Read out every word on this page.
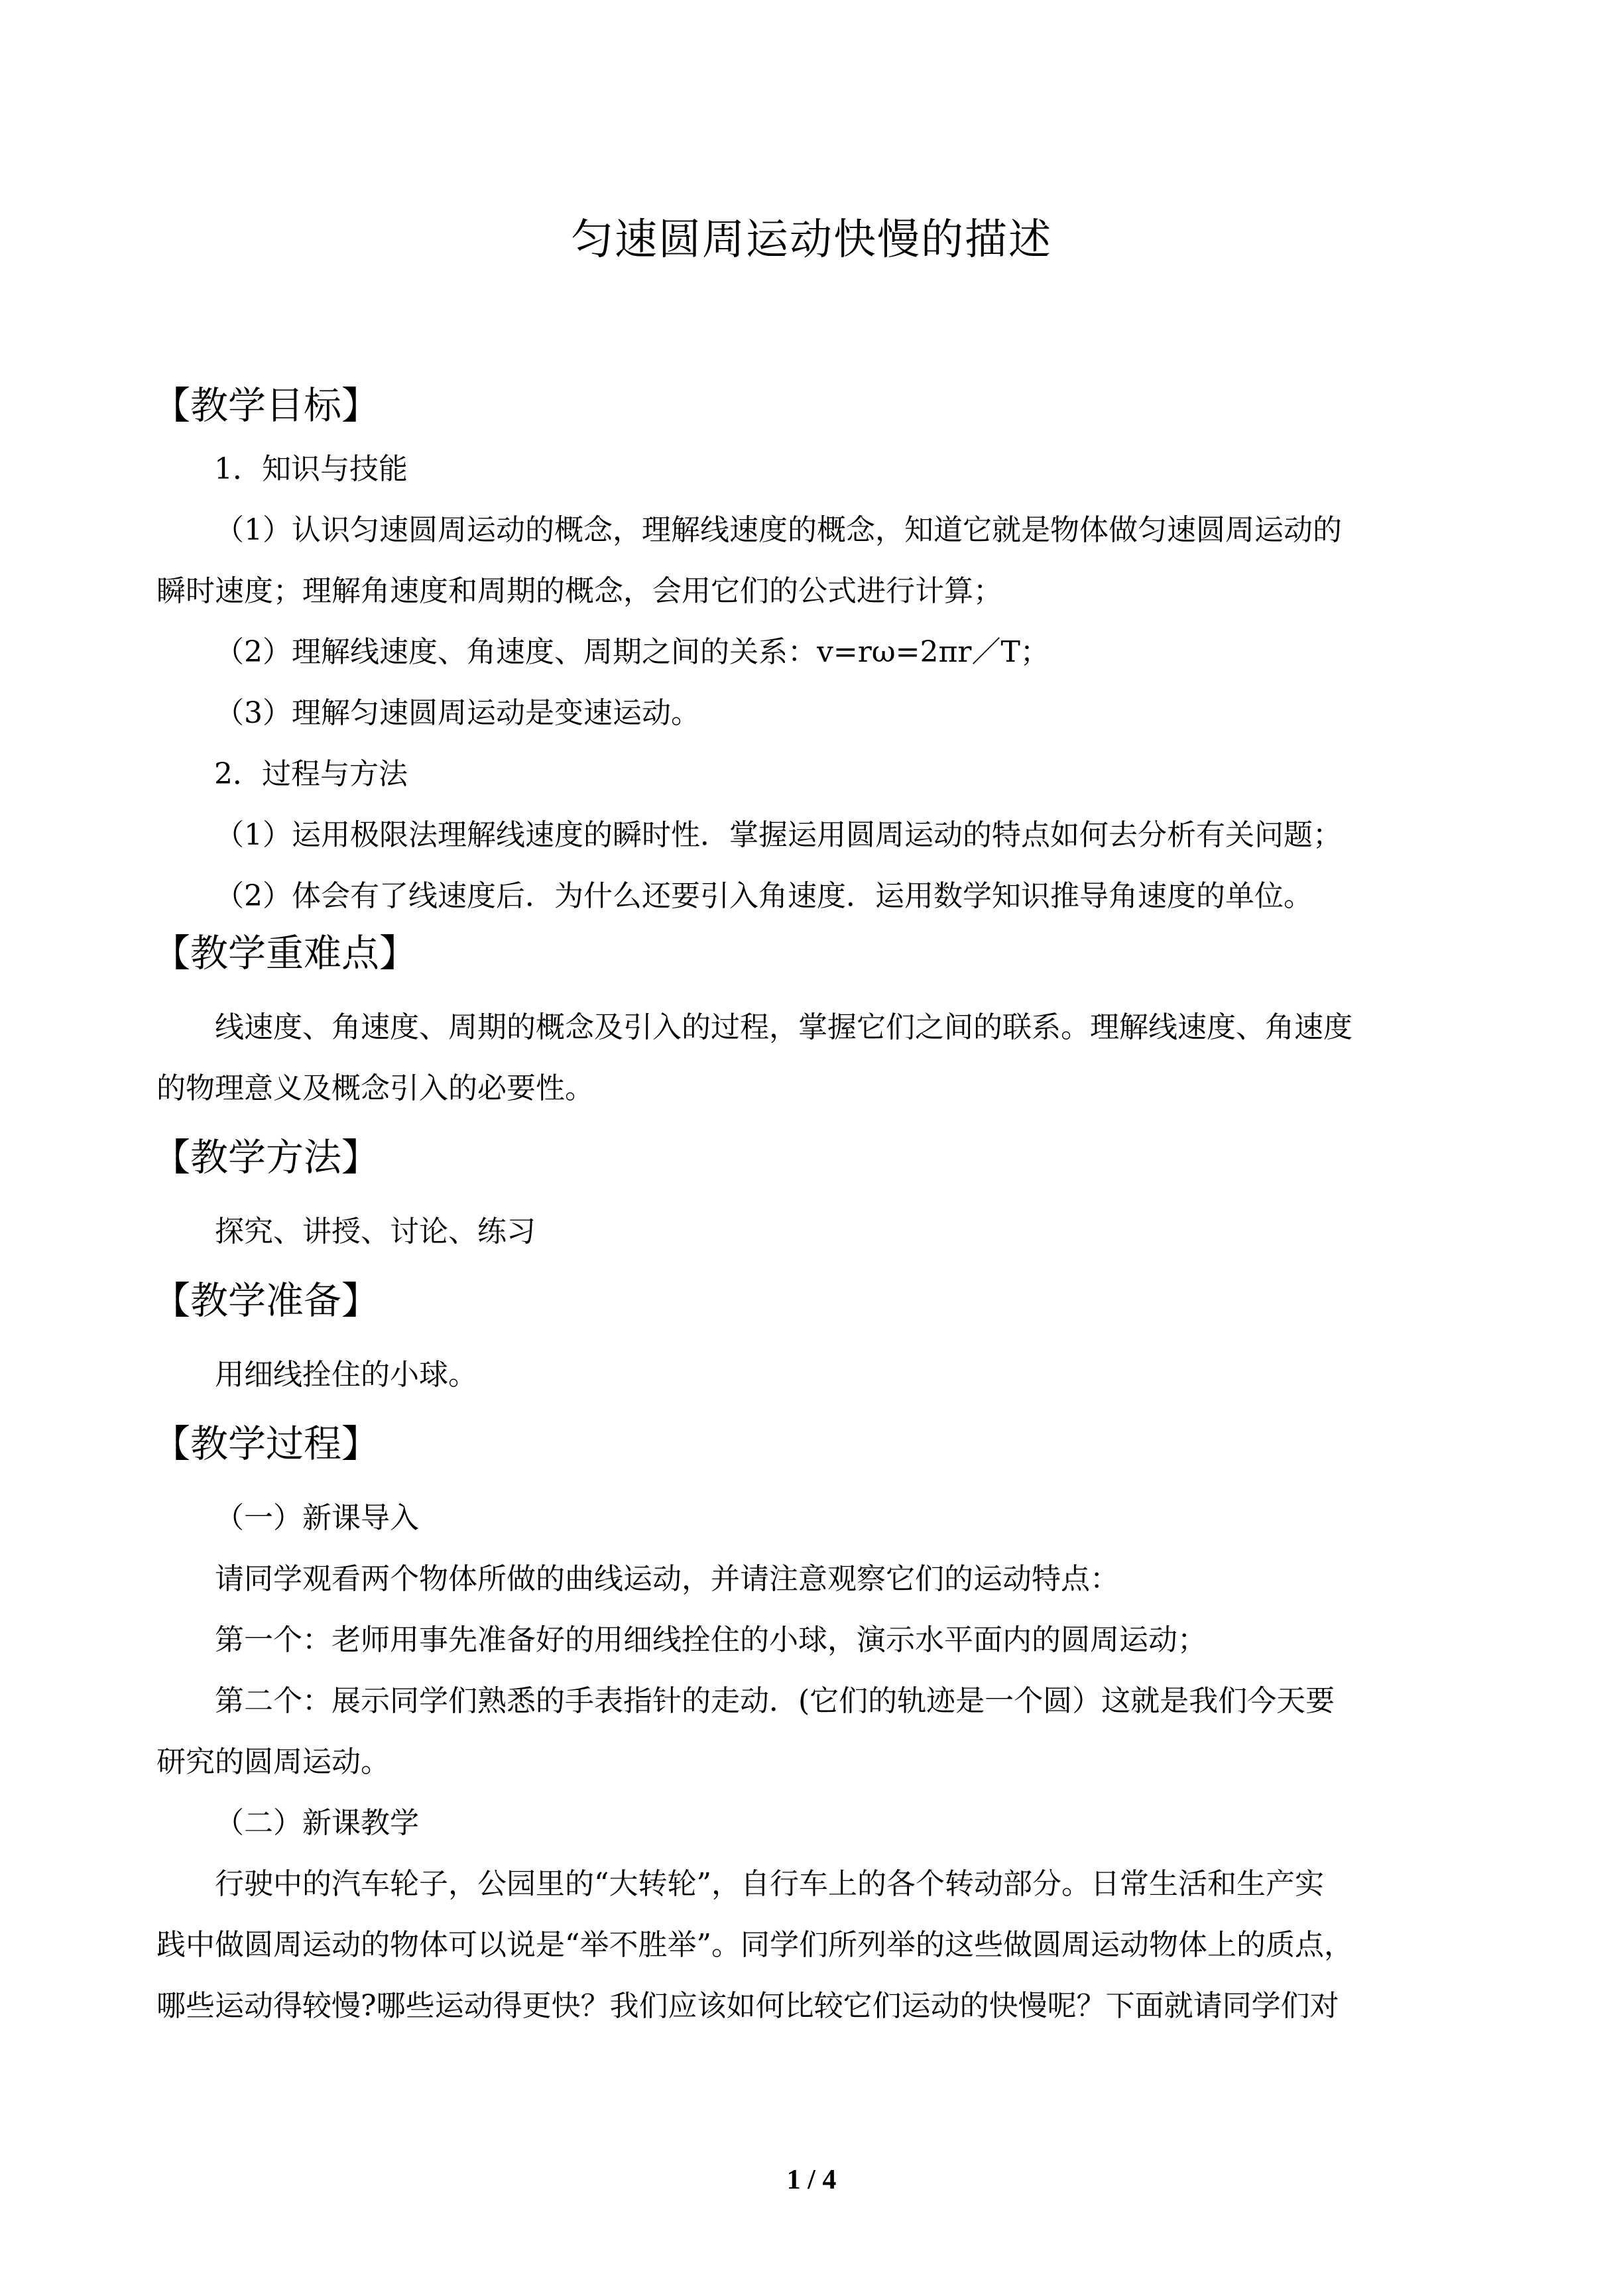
匀速圆周运动快慢的描述
【教学目标】
1．知识与技能
（1）认识匀速圆周运动的概念，理解线速度的概念，知道它就是物体做匀速圆周运动的
瞬时速度；理解角速度和周期的概念，会用它们的公式进行计算；
（2）理解线速度、角速度、周期之间的关系：v=rω=2πr／T；
（3）理解匀速圆周运动是变速运动。
2．过程与方法
（1）运用极限法理解线速度的瞬时性．掌握运用圆周运动的特点如何去分析有关问题；
（2）体会有了线速度后．为什么还要引入角速度．运用数学知识推导角速度的单位。
【教学重难点】
线速度、角速度、周期的概念及引入的过程，掌握它们之间的联系。理解线速度、角速度
的物理意义及概念引入的必要性。
【教学方法】
探究、讲授、讨论、练习
【教学准备】
用细线拴住的小球。
【教学过程】
（一）新课导入
请同学观看两个物体所做的曲线运动，并请注意观察它们的运动特点：
第一个：老师用事先准备好的用细线拴住的小球，演示水平面内的圆周运动；
第二个：展示同学们熟悉的手表指针的走动．(它们的轨迹是一个圆）这就是我们今天要
研究的圆周运动。
（二）新课教学
行驶中的汽车轮子，公园里的“大转轮”，自行车上的各个转动部分。日常生活和生产实
践中做圆周运动的物体可以说是“举不胜举”。同学们所列举的这些做圆周运动物体上的质点，
哪些运动得较慢?哪些运动得更快？我们应该如何比较它们运动的快慢呢？下面就请同学们对
1 / 4
